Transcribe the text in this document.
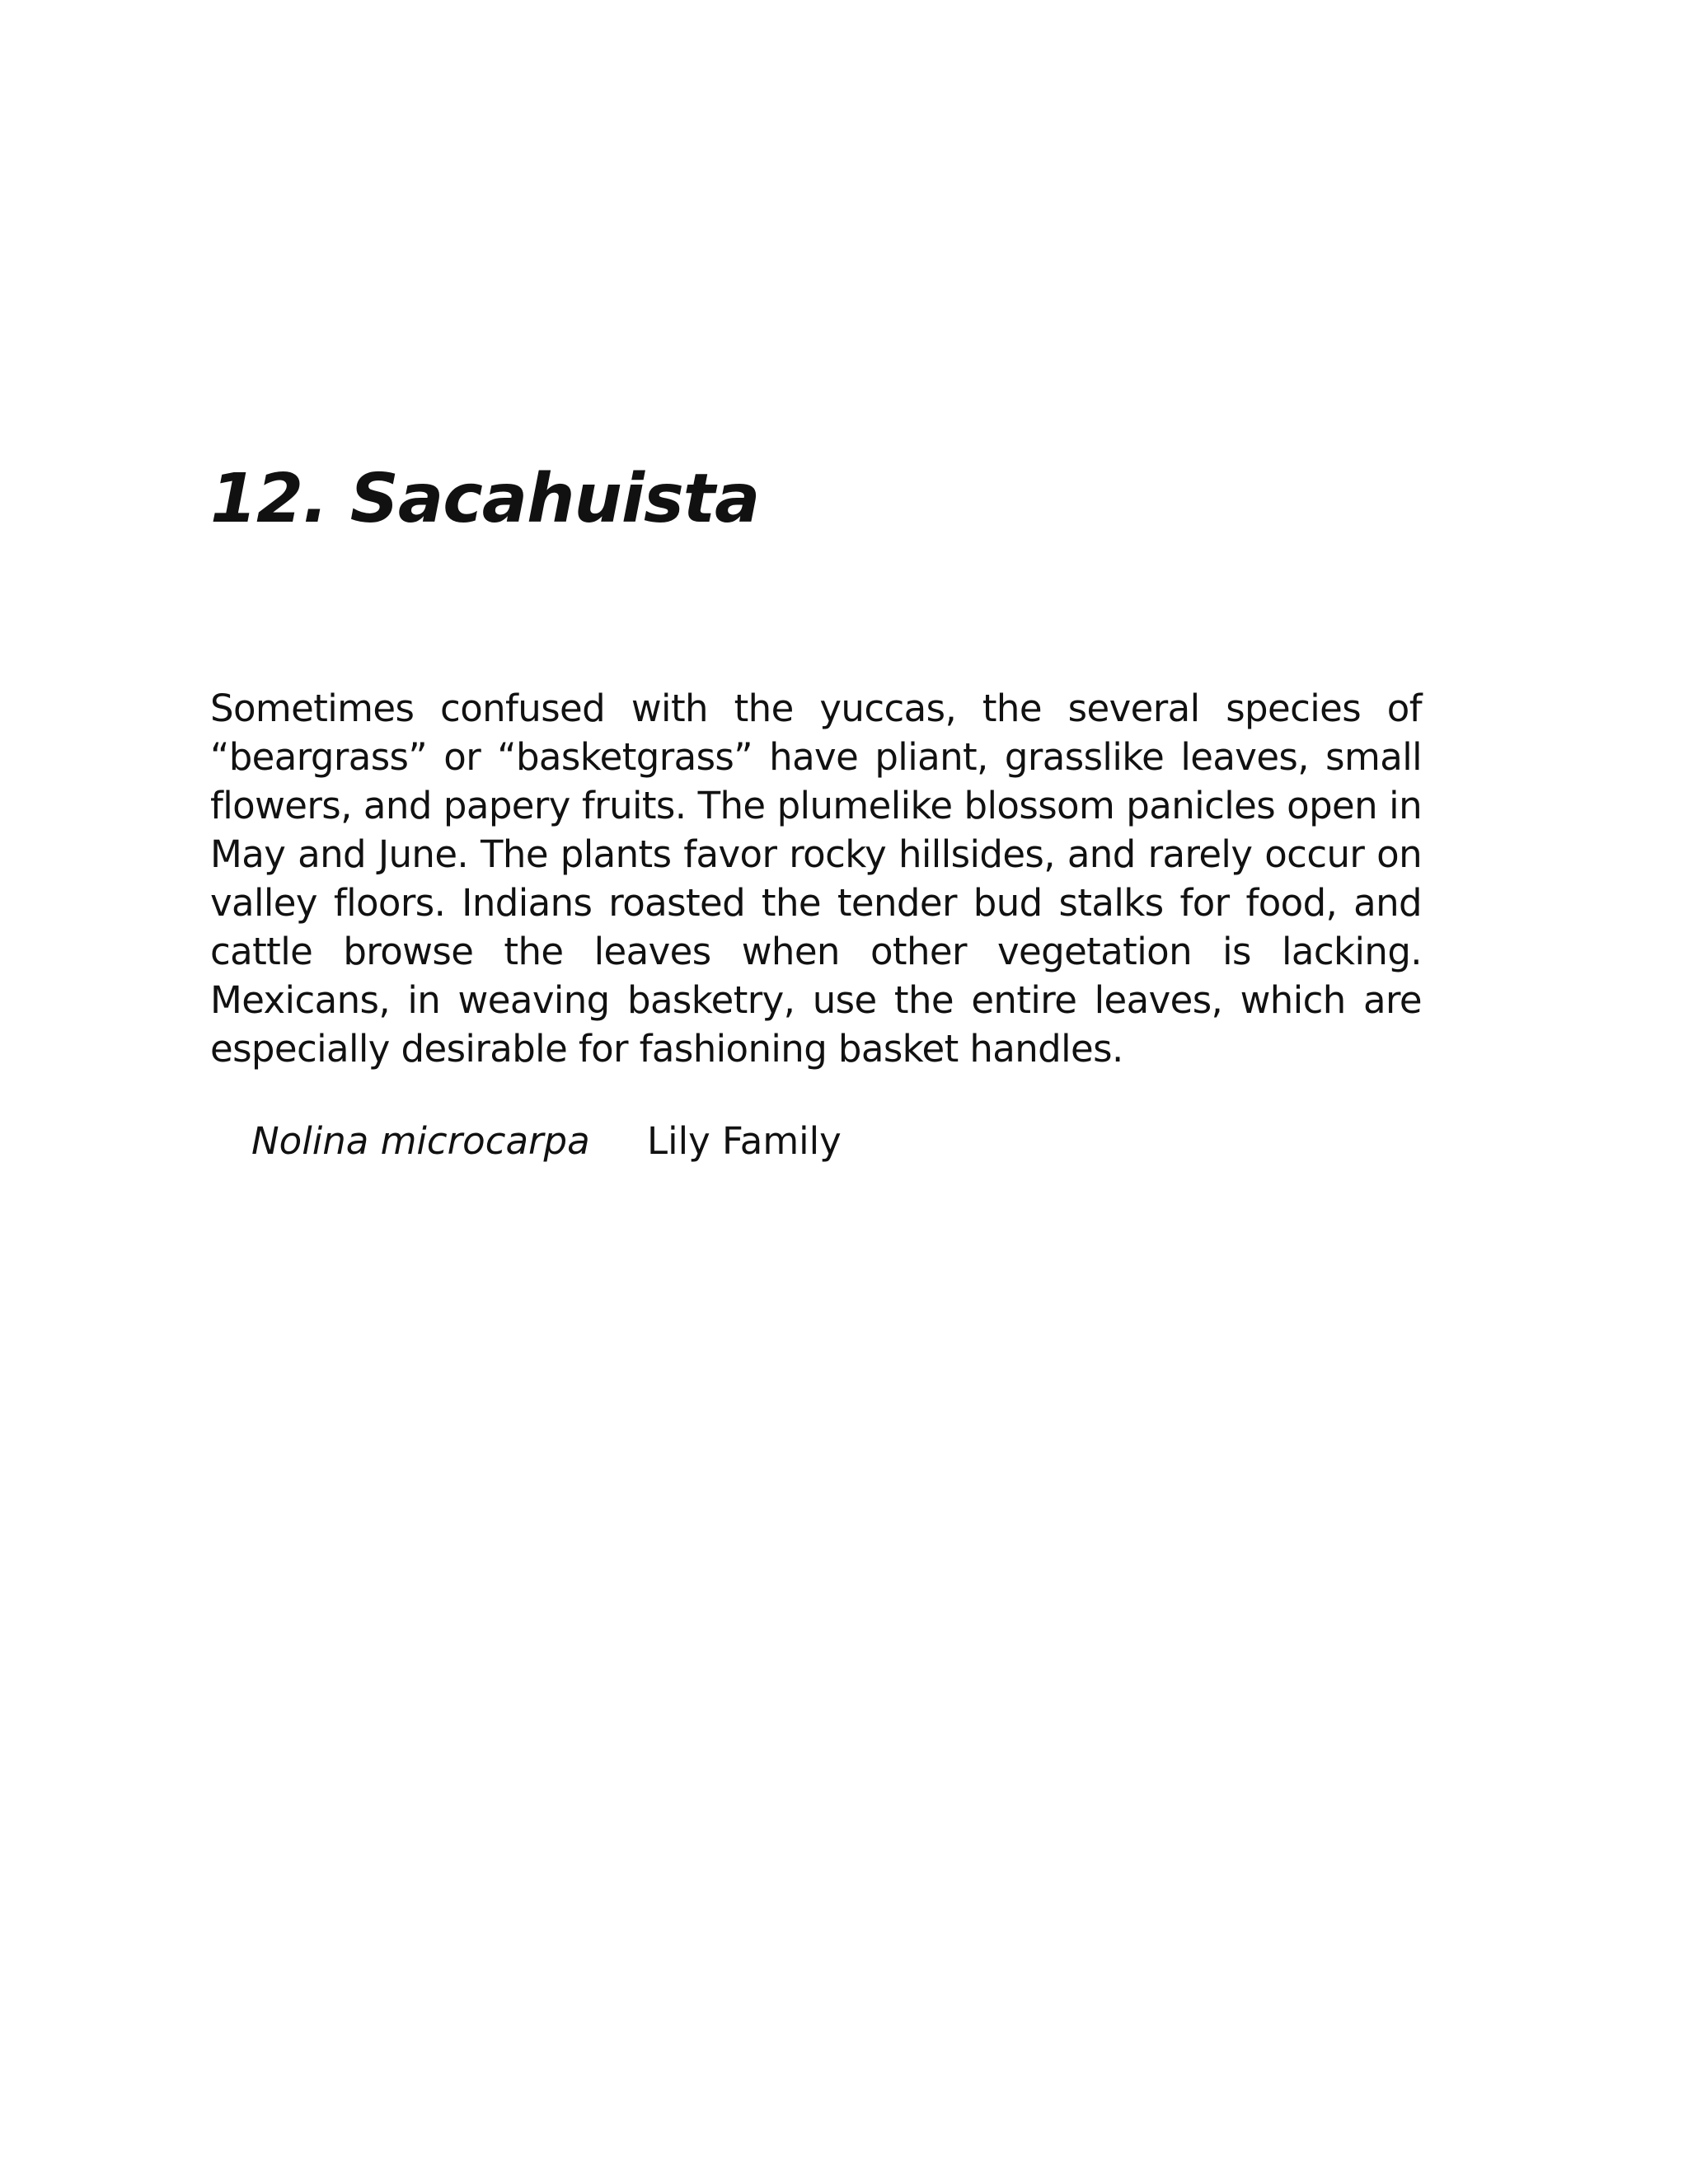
12. Sacahuista

Sometimes confused with the yuccas, the several species of “beargrass” or “basketgrass” have pliant, grasslike leaves, small flowers, and papery fruits. The plumelike blossom panicles open in May and June. The plants favor rocky hillsides, and rarely occur on valley floors. Indians roasted the tender bud stalks for food, and cattle browse the leaves when other vegetation is lacking. Mexicans, in weaving basketry, use the entire leaves, which are especially desirable for fashioning basket handles.

Nolina microcarpa Lily Family
